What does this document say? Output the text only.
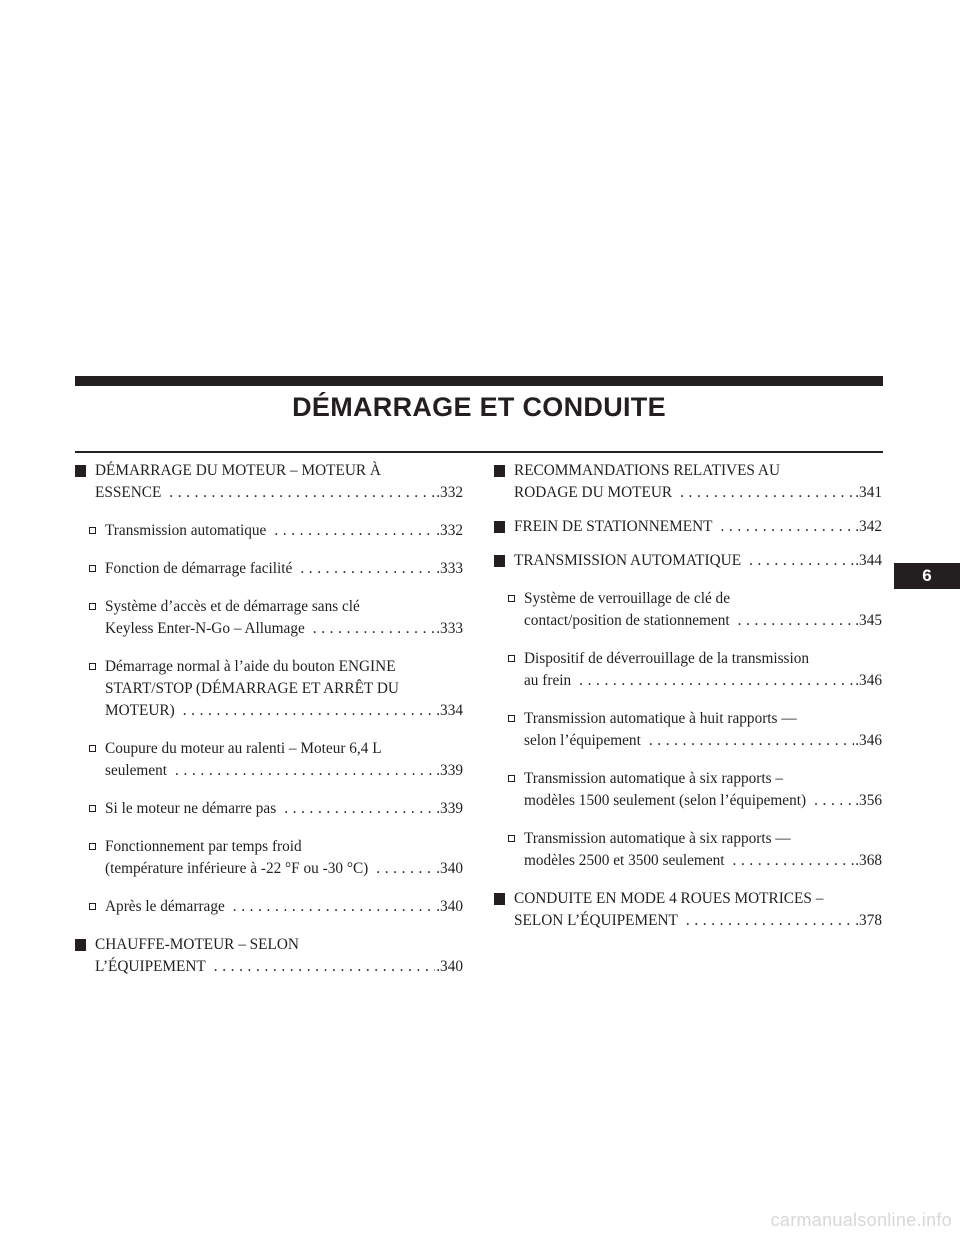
DÉMARRAGE ET CONDUITE
DÉMARRAGE DU MOTEUR – MOTEUR À
ESSENCE . . .	.332
Transmission automatique . . .	.332
Fonction de démarrage facilité . . .	.333
Système d’accès et de démarrage sans clé
Keyless Enter-N-Go – Allumage . . .	.333
Démarrage normal à l’aide du bouton ENGINE
START/STOP (DÉMARRAGE ET ARRÊT DU
MOTEUR) . . .	.334
Coupure du moteur au ralenti – Moteur 6,4 L
seulement . . .	.339
Si le moteur ne démarre pas . . .	.339
Fonctionnement par temps froid
(température inférieure à -22 °F ou -30 °C) . . .	.340
Après le démarrage . . .	.340
CHAUFFE-MOTEUR – SELON
L’ÉQUIPEMENT . . .	.340
RECOMMANDATIONS RELATIVES AU
RODAGE DU MOTEUR . . .	.341
FREIN DE STATIONNEMENT . . .	.342
TRANSMISSION AUTOMATIQUE . . .	.344
Système de verrouillage de clé de
contact/position de stationnement . . .	.345
Dispositif de déverrouillage de la transmission
au frein . . .	.346
Transmission automatique à huit rapports —
selon l’équipement . . .	.346
Transmission automatique à six rapports –
modèles 1500 seulement (selon l’équipement) . . .	.356
Transmission automatique à six rapports —
modèles 2500 et 3500 seulement . . .	.368
CONDUITE EN MODE 4 ROUES MOTRICES –
SELON L’ÉQUIPEMENT . . .	.378
6
carmanualsonline.info
